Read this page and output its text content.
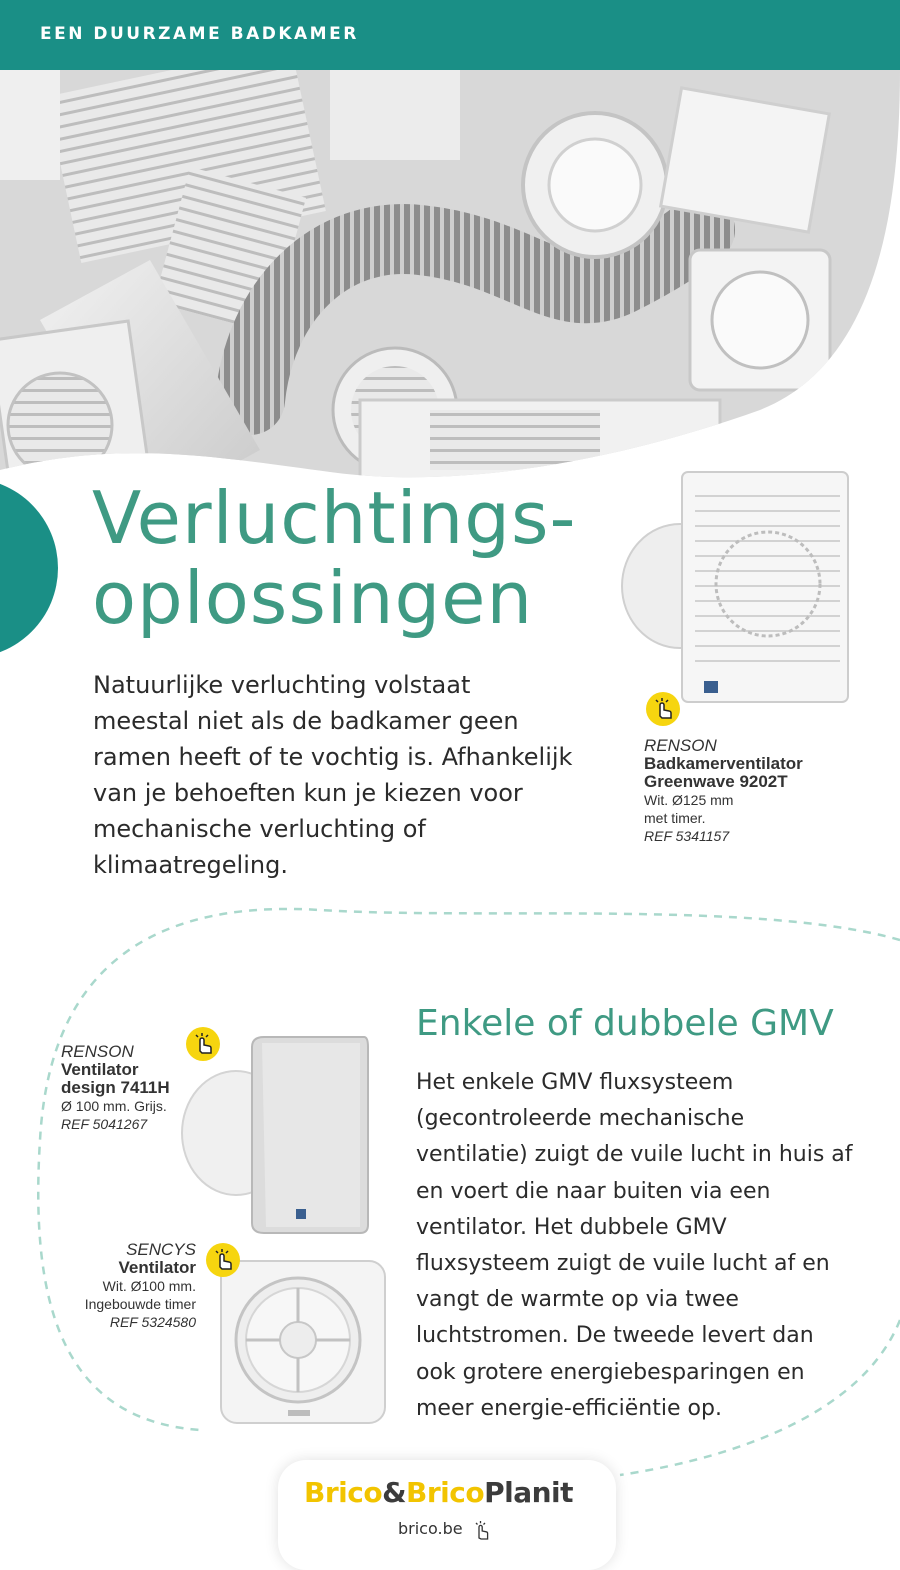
EEN DUURZAME BADKAMER
Verluchtings-
oplossingen

Natuurlijke verluchting volstaat meestal niet als de badkamer geen ramen heeft of te vochtig is. Afhankelijk van je behoeften kun je kiezen voor mechanische verluchting of klimaatregeling.

RENSON
Badkamerventilator
Greenwave 9202T
Wit. Ø125 mm
met timer.
REF 5341157
Enkele of dubbele GMV

Het enkele GMV fluxsysteem (gecontroleerde mechanische ventilatie) zuigt de vuile lucht in huis af en voert die naar buiten via een ventilator. Het dubbele GMV fluxsysteem zuigt de vuile lucht af en vangt de warmte op via twee luchtstromen. De tweede levert dan ook grotere energiebesparingen en meer energie-efficiëntie op.

RENSON
Ventilator
design 7411H
Ø 100 mm. Grijs.
REF 5041267
SENCYS
Ventilator
Wit. Ø100 mm.
Ingebouwde timer
REF 5324580
Brico&BricoPlanit
brico.be
